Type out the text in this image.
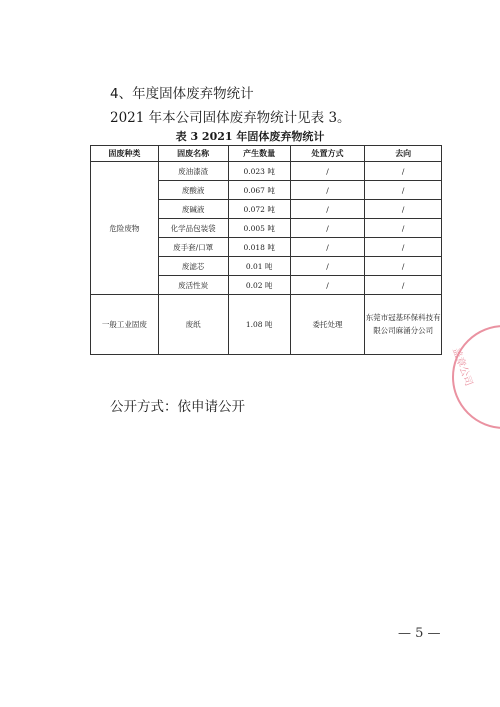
4、年度固体废弃物统计
2021 年本公司固体废弃物统计见表 3。
表 3 2021 年固体废弃物统计
固废种类	固废名称	产生数量	处置方式	去向
危险废物	废油漆渣	0.023 吨	/	/
	废酸液	0.067 吨	/	/
	废碱液	0.072 吨	/	/
	化学品包装袋	0.005 吨	/	/
	废手套/口罩	0.018 吨	/	/
	废滤芯	0.01 吨	/	/
	废活性炭	0.02 吨	/	/
一般工业固废	废纸	1.08 吨	委托处理	东莞市冠基环保科技有限公司麻涌分公司
公开方式：依申请公开
盖章公司
— 5 —
